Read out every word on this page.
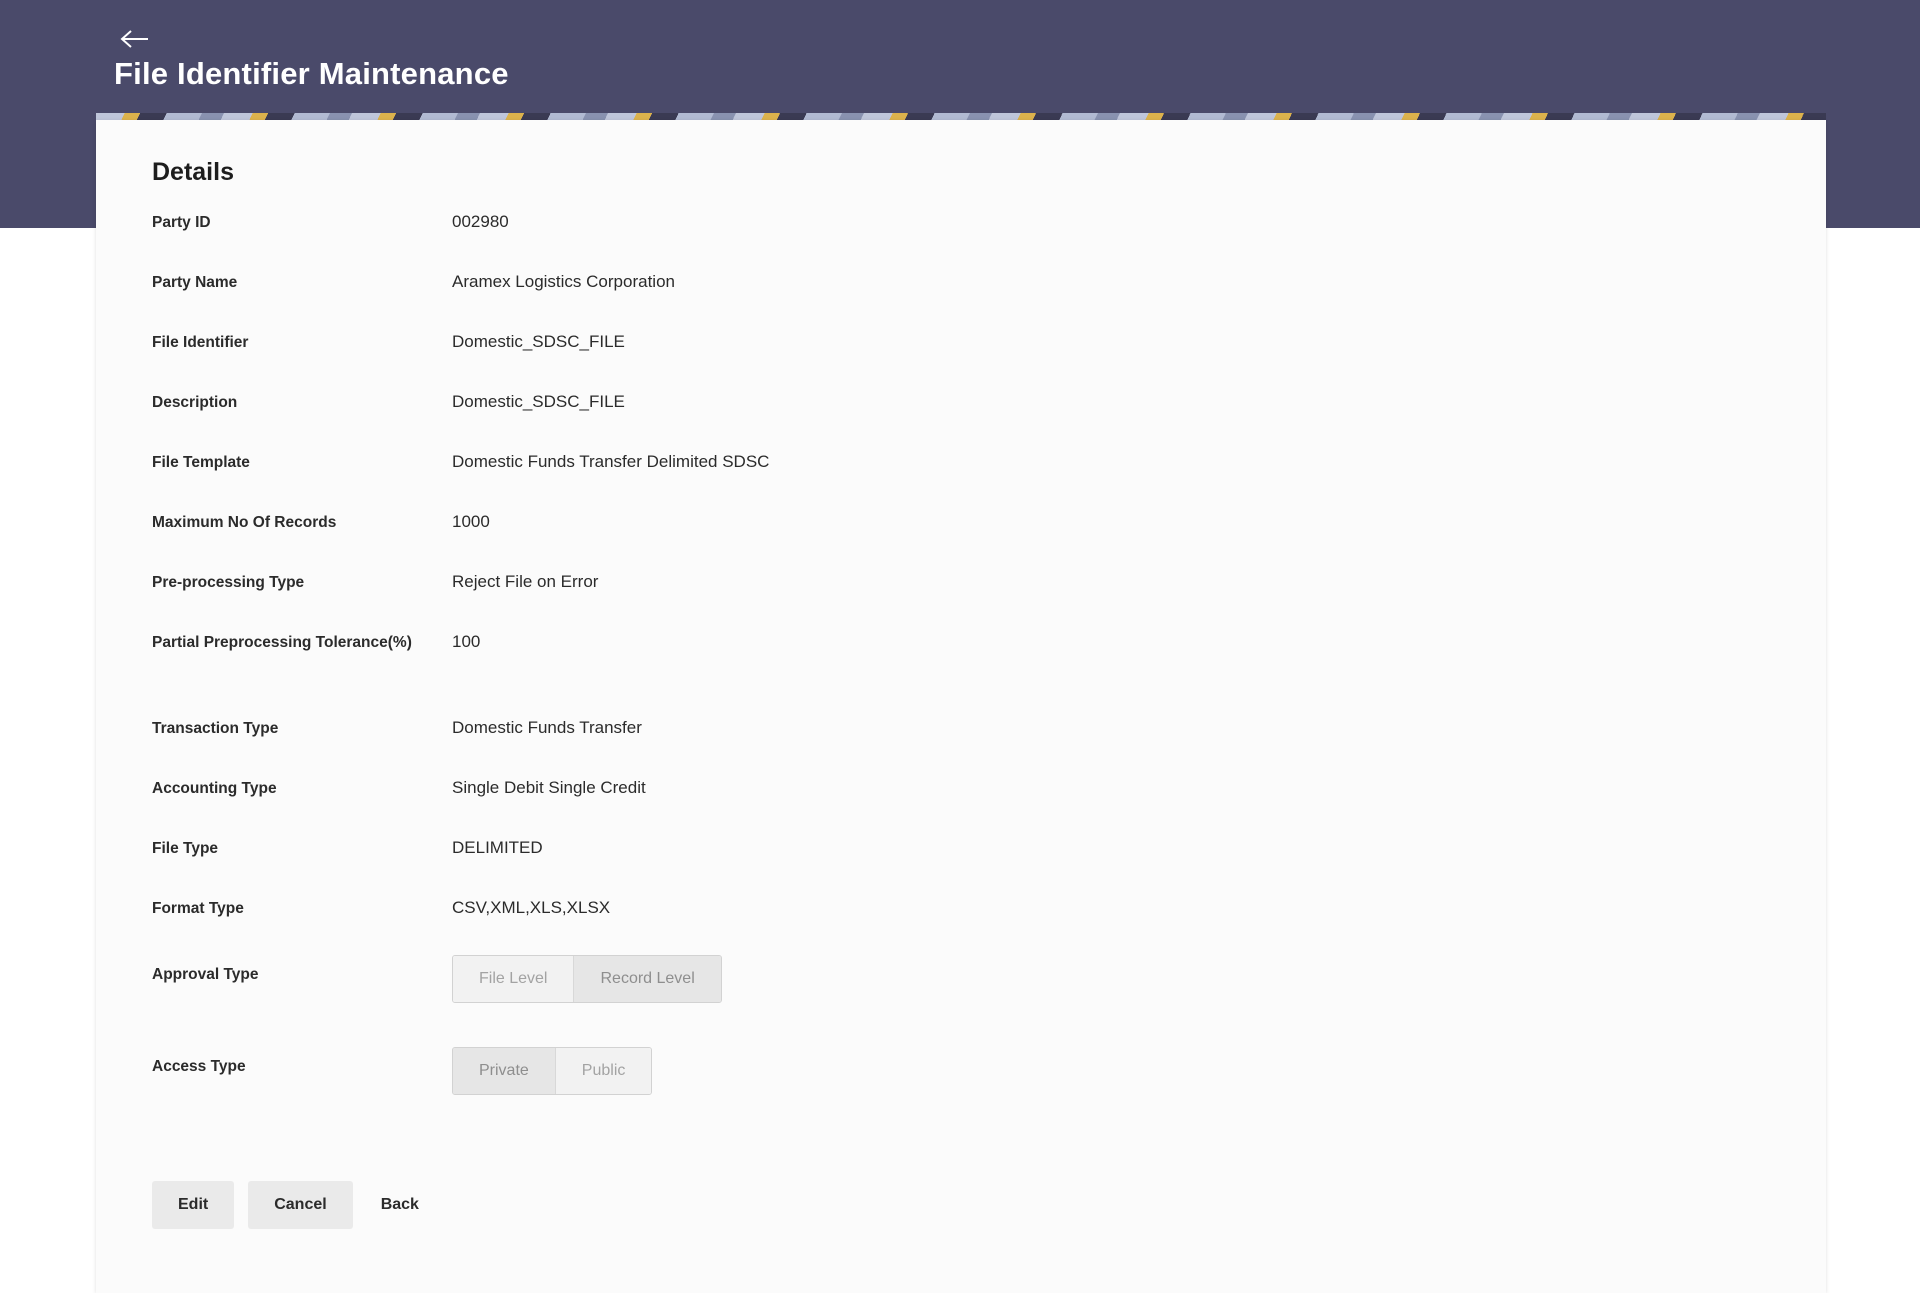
File Identifier Maintenance
Details
Party ID	002980
Party Name	Aramex Logistics Corporation
File Identifier	Domestic_SDSC_FILE
Description	Domestic_SDSC_FILE
File Template	Domestic Funds Transfer Delimited SDSC
Maximum No Of Records	1000
Pre-processing Type	Reject File on Error
Partial Preprocessing Tolerance(%)	100
Transaction Type	Domestic Funds Transfer
Accounting Type	Single Debit Single Credit
File Type	DELIMITED
Format Type	CSV,XML,XLS,XLSX
Approval Type	File Level	Record Level
Access Type	Private	Public
Edit	Cancel	Back
